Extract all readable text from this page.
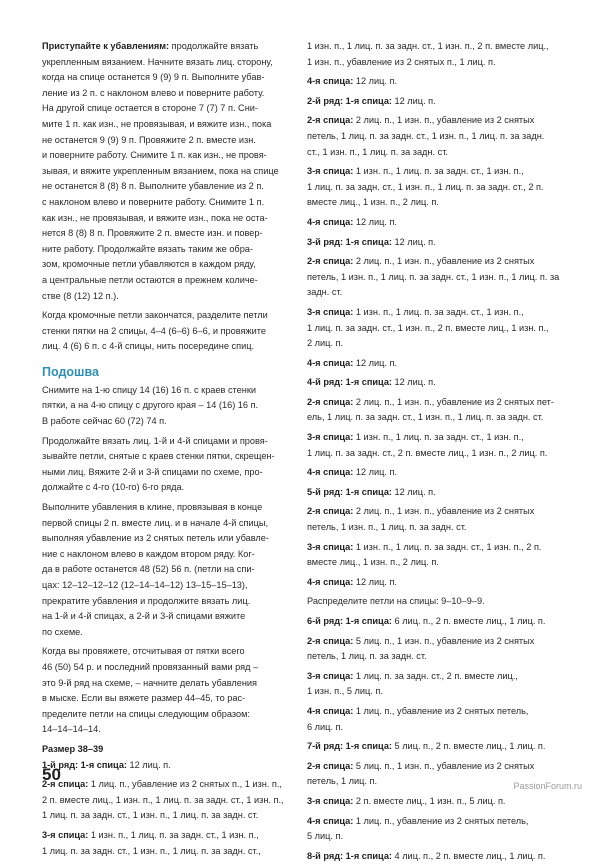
Приступайте к убавлениям: продолжайте вязать
укрепленным вязанием. Начните вязать лиц. сторону,
когда на спице останется 9 (9) 9 п. Выполните убав-
ление из 2 п. с наклоном влево и поверните работу.
На другой спице остается в стороне 7 (7) 7 п. Сни-
мите 1 п. как изн., не провязывая, и вяжите изн., пока
не останется 9 (9) 9 п. Провяжите 2 п. вместе изн.
и поверните работу. Снимите 1 п. как изн., не провя-
зывая, и вяжите укрепленным вязанием, пока на спице
не останется 8 (8) 8 п. Выполните убавление из 2 п.
с наклоном влево и поверните работу. Снимите 1 п.
как изн., не провязывая, и вяжите изн., пока не оста-
нется 8 (8) 8 п. Провяжите 2 п. вместе изн. и повер-
ните работу. Продолжайте вязать таким же обра-
зом, кромочные петли убавляются в каждом ряду,
а центральные петли остаются в прежнем количе-
стве (8 (12) 12 п.).
Когда кромочные петли закончатся, разделите петли
стенки пятки на 2 спицы, 4–4 (6–6) 6–6, и провяжите
лиц. 4 (6) 6 п. с 4-й спицы, нить посередине спиц.
Подошва
Снимите на 1-ю спицу 14 (16) 16 п. с краев стенки
пятки, а на 4-ю спицу с другого края – 14 (16) 16 п.
В работе сейчас 60 (72) 74 п.
Продолжайте вязать лиц. 1-й и 4-й спицами и провя-
зывайте петли, снятые с краев стенки пятки, скрещен-
ными лиц. Вяжите 2-й и 3-й спицами по схеме, про-
должайте с 4-го (10-го) 6-го ряда.
Выполните убавления в клине, провязывая в конце
первой спицы 2 п. вместе лиц. и в начале 4-й спицы,
выполняя убавление из 2 снятых петель или убавле-
ние с наклоном влево в каждом втором ряду. Ког-
да в работе останется 48 (52) 56 п. (петли на спи-
цах: 12–12–12–12 (12–14–14–12) 13–15–15–13),
прекратите убавления и продолжите вязать лиц.
на 1-й и 4-й спицах, а 2-й и 3-й спицами вяжите
по схеме.
Когда вы провяжете, отсчитывая от пятки всего
46 (50) 54 р. и последний провязанный вами ряд –
это 9-й ряд на схеме, – начните делать убавления
в мыске. Если вы вяжете размер 44–45, то рас-
пределите петли на спицы следующим образом:
14–14–14–14.
Размер 38–39
1-й ряд: 1-я спица: 12 лиц. п.
2-я спица: 1 лиц. п., убавление из 2 снятых п., 1 изн. п.,
2 п. вместе лиц., 1 изн. п., 1 лиц. п. за задн. ст., 1 изн. п.,
1 лиц. п. за задн. ст., 1 изн. п., 1 лиц. п. за задн. ст.
3-я спица: 1 изн. п., 1 лиц. п. за задн. ст., 1 изн. п.,
1 лиц. п. за задн. ст., 1 изн. п., 1 лиц. п. за задн. ст.,
1 изн. п., 1 лиц. п. за задн. ст., 1 изн. п., 2 п. вместе лиц.,
1 изн. п., убавление из 2 снятых п., 1 лиц. п.
4-я спица: 12 лиц. п.
2-й ряд: 1-я спица: 12 лиц. п.
2-я спица: 2 лиц. п., 1 изн. п., убавление из 2 снятых
петель, 1 лиц. п. за задн. ст., 1 изн. п., 1 лиц. п. за задн.
ст., 1 изн. п., 1 лиц. п. за задн. ст.
3-я спица: 1 изн. п., 1 лиц. п. за задн. ст., 1 изн. п.,
1 лиц. п. за задн. ст., 1 изн. п., 1 лиц. п. за задн. ст., 2 п.
вместе лиц., 1 изн. п., 2 лиц. п.
4-я спица: 12 лиц. п.
3-й ряд: 1-я спица: 12 лиц. п.
2-я спица: 2 лиц. п., 1 изн. п., убавление из 2 снятых
петель, 1 изн. п., 1 лиц. п. за задн. ст., 1 изн. п., 1 лиц. п. за
задн. ст.
3-я спица: 1 изн. п., 1 лиц. п. за задн. ст., 1 изн. п.,
1 лиц. п. за задн. ст., 1 изн. п., 2 п. вместе лиц., 1 изн. п.,
2 лиц. п.
4-я спица: 12 лиц. п.
4-й ряд: 1-я спица: 12 лиц. п.
2-я спица: 2 лиц. п., 1 изн. п., убавление из 2 снятых пет-
ель, 1 лиц. п. за задн. ст., 1 изн. п., 1 лиц. п. за задн. ст.
3-я спица: 1 изн. п., 1 лиц. п. за задн. ст., 1 изн. п.,
1 лиц. п. за задн. ст., 2 п. вместе лиц., 1 изн. п., 2 лиц. п.
4-я спица: 12 лиц. п.
5-й ряд: 1-я спица: 12 лиц. п.
2-я спица: 2 лиц. п., 1 изн. п., убавление из 2 снятых
петель, 1 изн. п., 1 лиц. п. за задн. ст.
3-я спица: 1 изн. п., 1 лиц. п. за задн. ст., 1 изн. п., 2 п.
вместе лиц., 1 изн. п., 2 лиц. п.
4-я спица: 12 лиц. п.
Распределите петли на спицы: 9–10–9–9.
6-й ряд: 1-я спица: 6 лиц. п., 2 п. вместе лиц., 1 лиц. п.
2-я спица: 5 лиц. п., 1 изн. п., убавление из 2 снятых
петель, 1 лиц. п. за задн. ст.
3-я спица: 1 лиц. п. за задн. ст., 2 п. вместе лиц.,
1 изн. п., 5 лиц. п.
4-я спица: 1 лиц. п., убавление из 2 снятых петель,
6 лиц. п.
7-й ряд: 1-я спица: 5 лиц. п., 2 п. вместе лиц., 1 лиц. п.
2-я спица: 5 лиц. п., 1 изн. п., убавление из 2 снятых
петель, 1 лиц. п.
3-я спица: 2 п. вместе лиц., 1 изн. п., 5 лиц. п.
4-я спица: 1 лиц. п., убавление из 2 снятых петель,
5 лиц. п.
8-й ряд: 1-я спица: 4 лиц. п., 2 п. вместе лиц., 1 лиц. п.
50
PassionForum.ru
